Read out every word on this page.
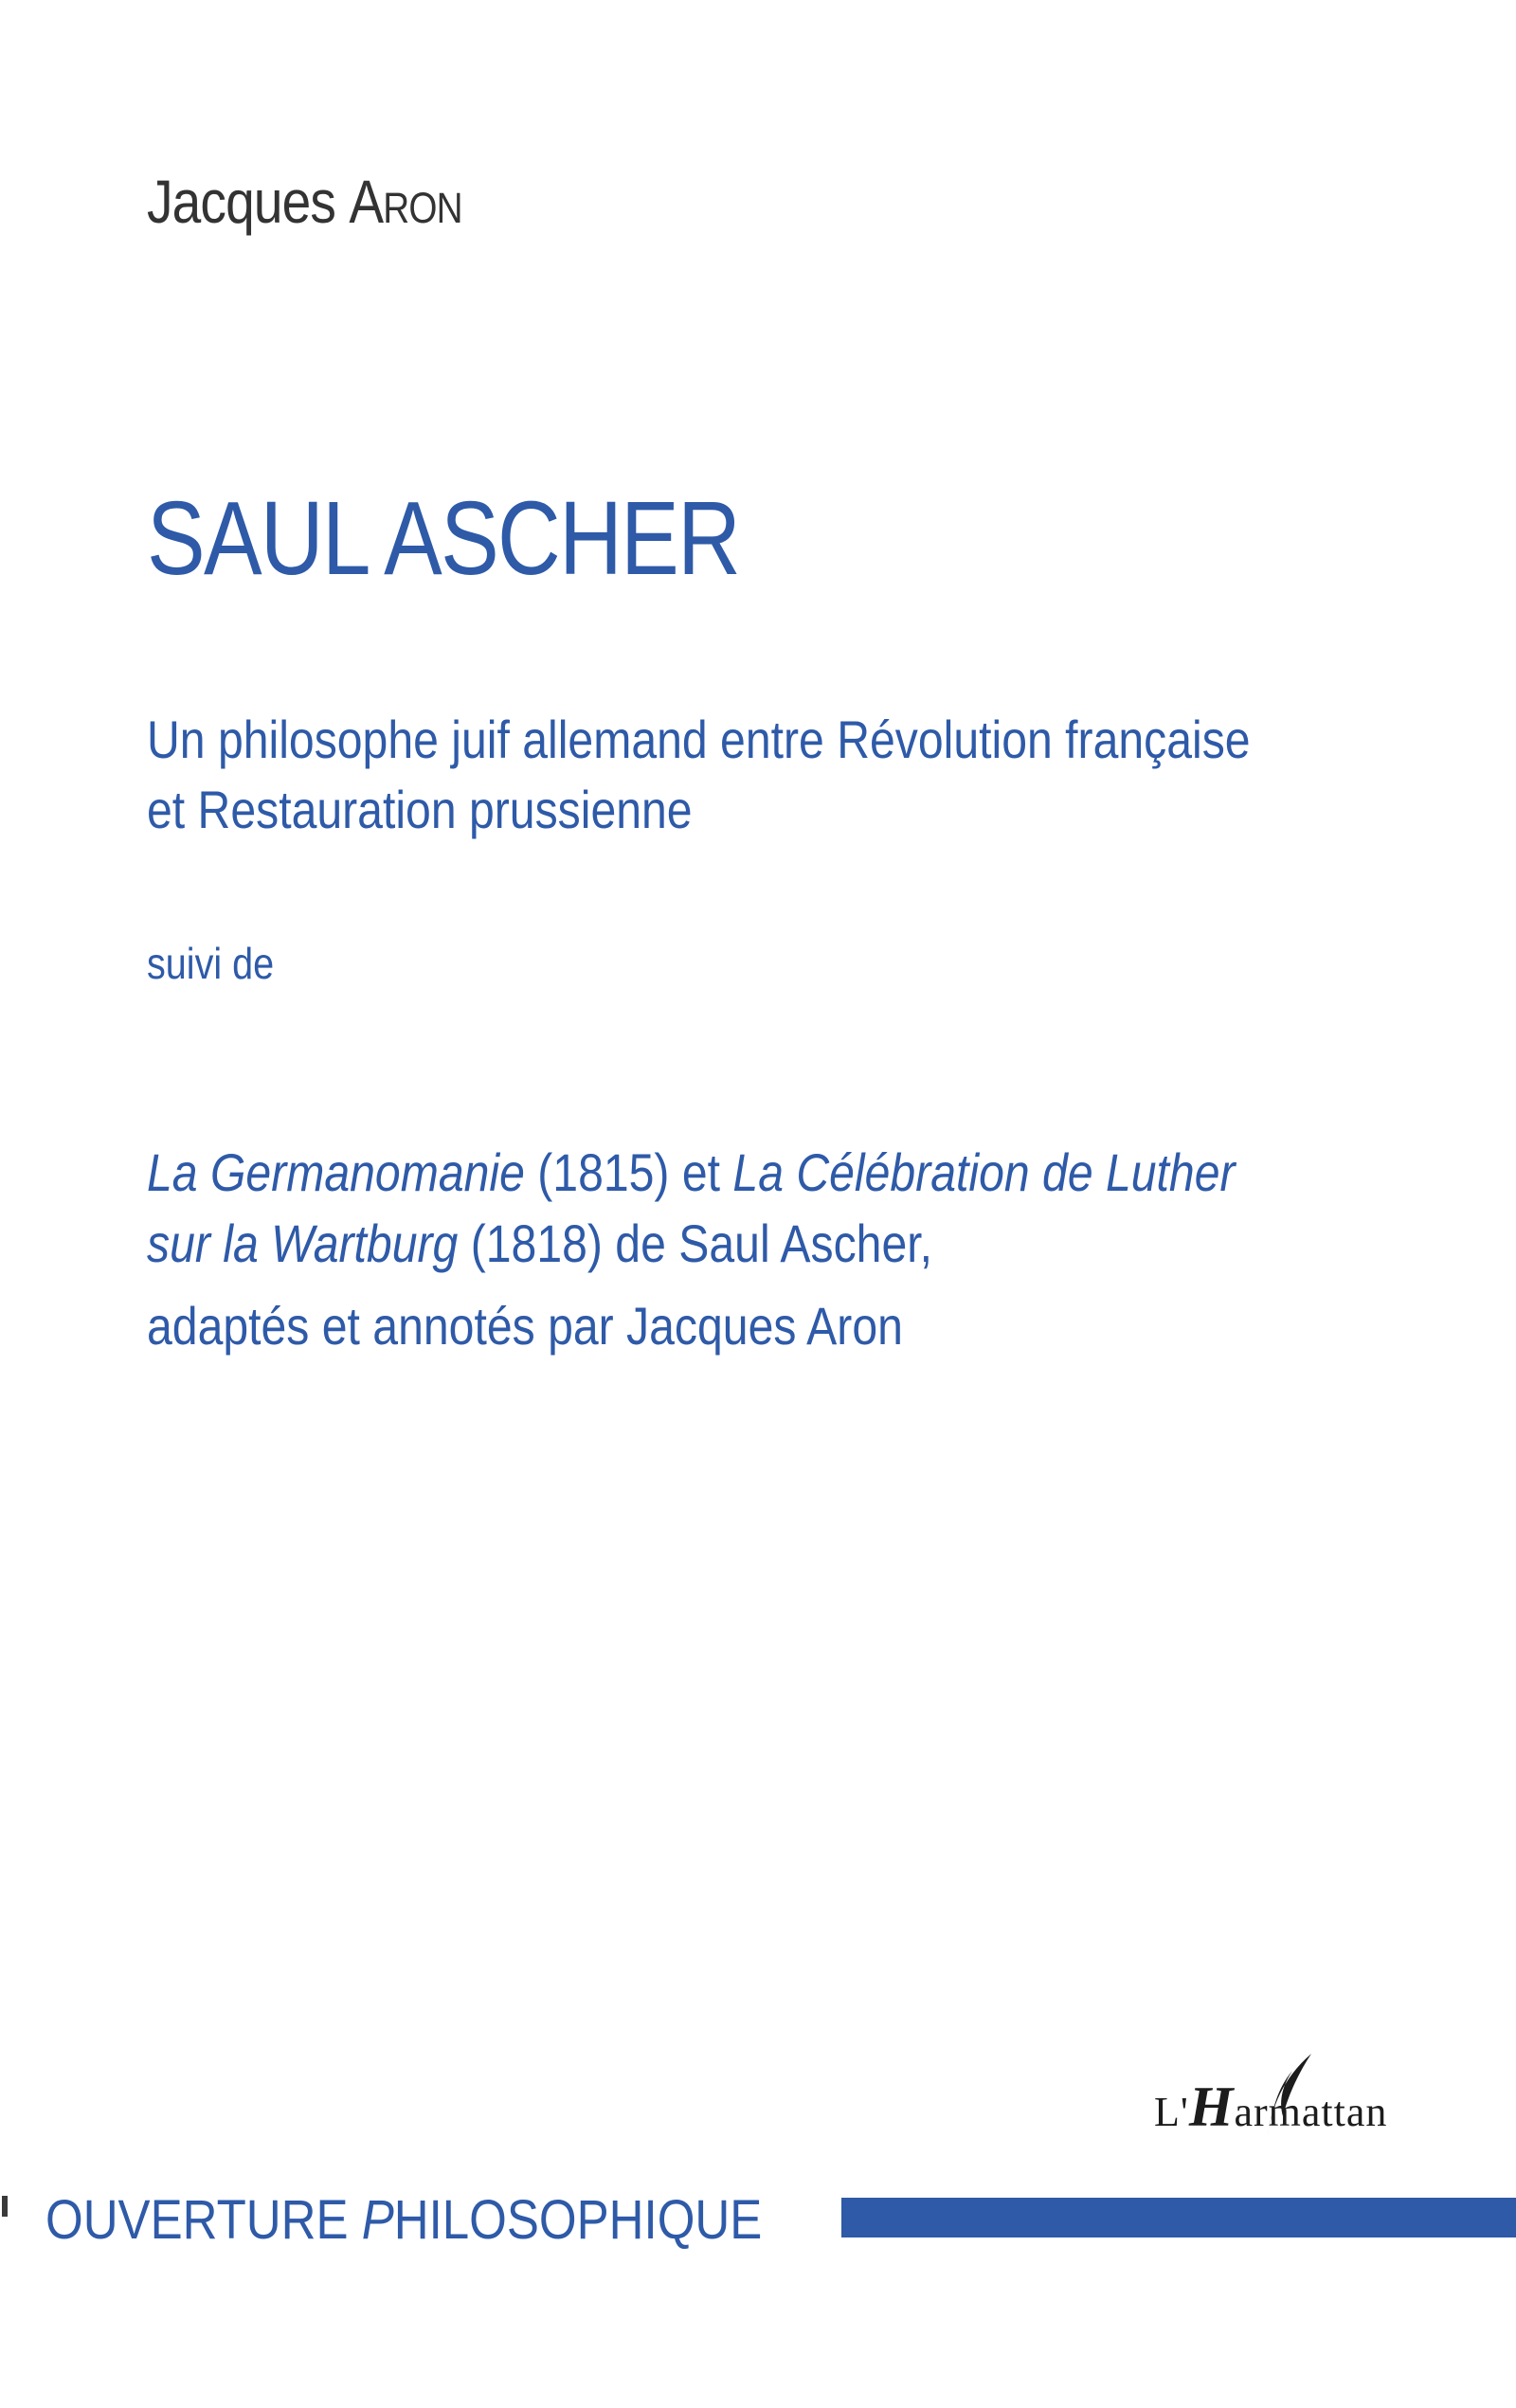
Jacques Aron
SAUL ASCHER
Un philosophe juif allemand entre Révolution française
et Restauration prussienne
suivi de
La Germanomanie (1815) et La Célébration de Luther
sur la Wartburg (1818) de Saul Ascher,
adaptés et annotés par Jacques Aron
L'Harmattan
OUVERTURE PHILOSOPHIQUE
